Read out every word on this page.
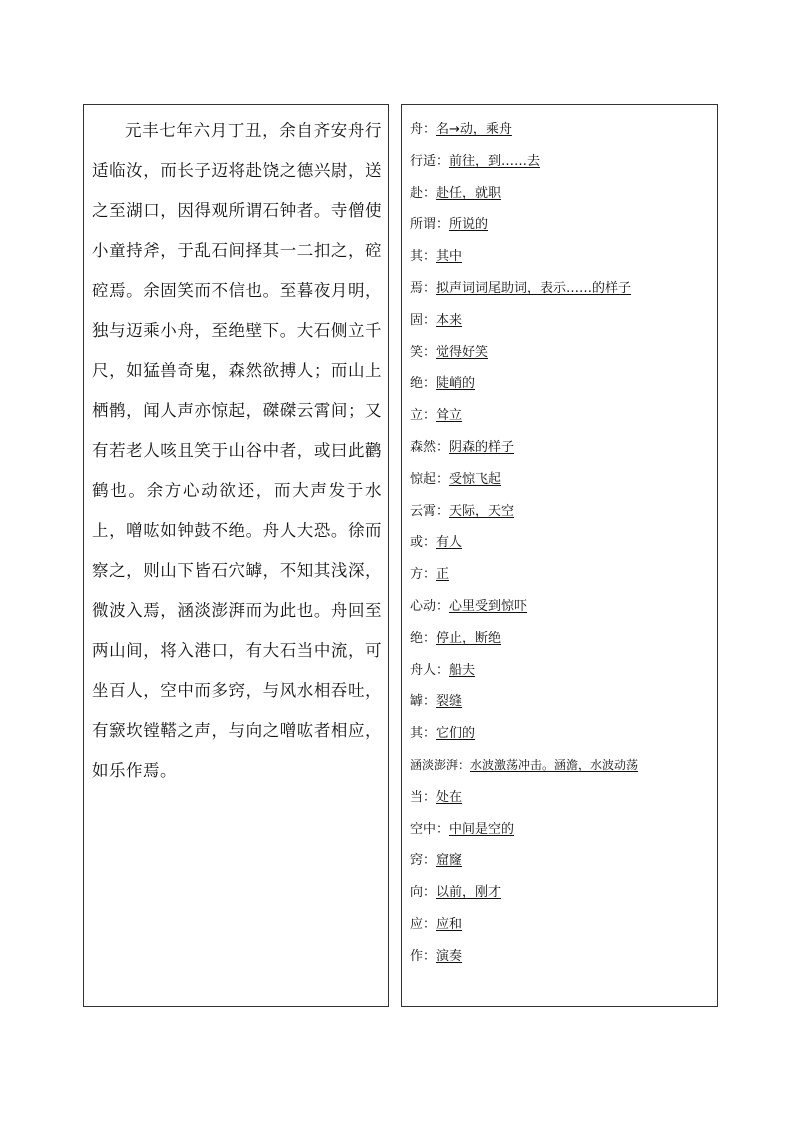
元丰七年六月丁丑，余自齐安舟行适临汝，而长子迈将赴饶之德兴尉，送之至湖口，因得观所谓石钟者。寺僧使小童持斧，于乱石间择其一二扣之，硿硿焉。余固笑而不信也。至暮夜月明，独与迈乘小舟，至绝壁下。大石侧立千尺，如猛兽奇鬼，森然欲搏人；而山上栖鹘，闻人声亦惊起，磔磔云霄间；又有若老人咳且笑于山谷中者，或曰此鹳鹤也。余方心动欲还，而大声发于水上，噌吰如钟鼓不绝。舟人大恐。徐而察之，则山下皆石穴罅，不知其浅深，微波入焉，涵淡澎湃而为此也。舟回至两山间，将入港口，有大石当中流，可坐百人，空中而多窍，与风水相吞吐，有窾坎镗鞳之声，与向之噌吰者相应，如乐作焉。

舟：名→动，乘舟
行适：前往，到……去
赴：赴任，就职
所谓：所说的
其：其中
焉：拟声词词尾助词，表示……的样子
固：本来
笑：觉得好笑
绝：陡峭的
立：耸立
森然：阴森的样子
惊起：受惊飞起
云霄：天际，天空
或：有人
方：正
心动：心里受到惊吓
绝：停止，断绝
舟人：船夫
罅：裂缝
其：它们的
涵淡澎湃：水波激荡冲击。涵澹，水波动荡
当：处在
空中：中间是空的
窍：窟窿
向：以前，刚才
应：应和
作：演奏
